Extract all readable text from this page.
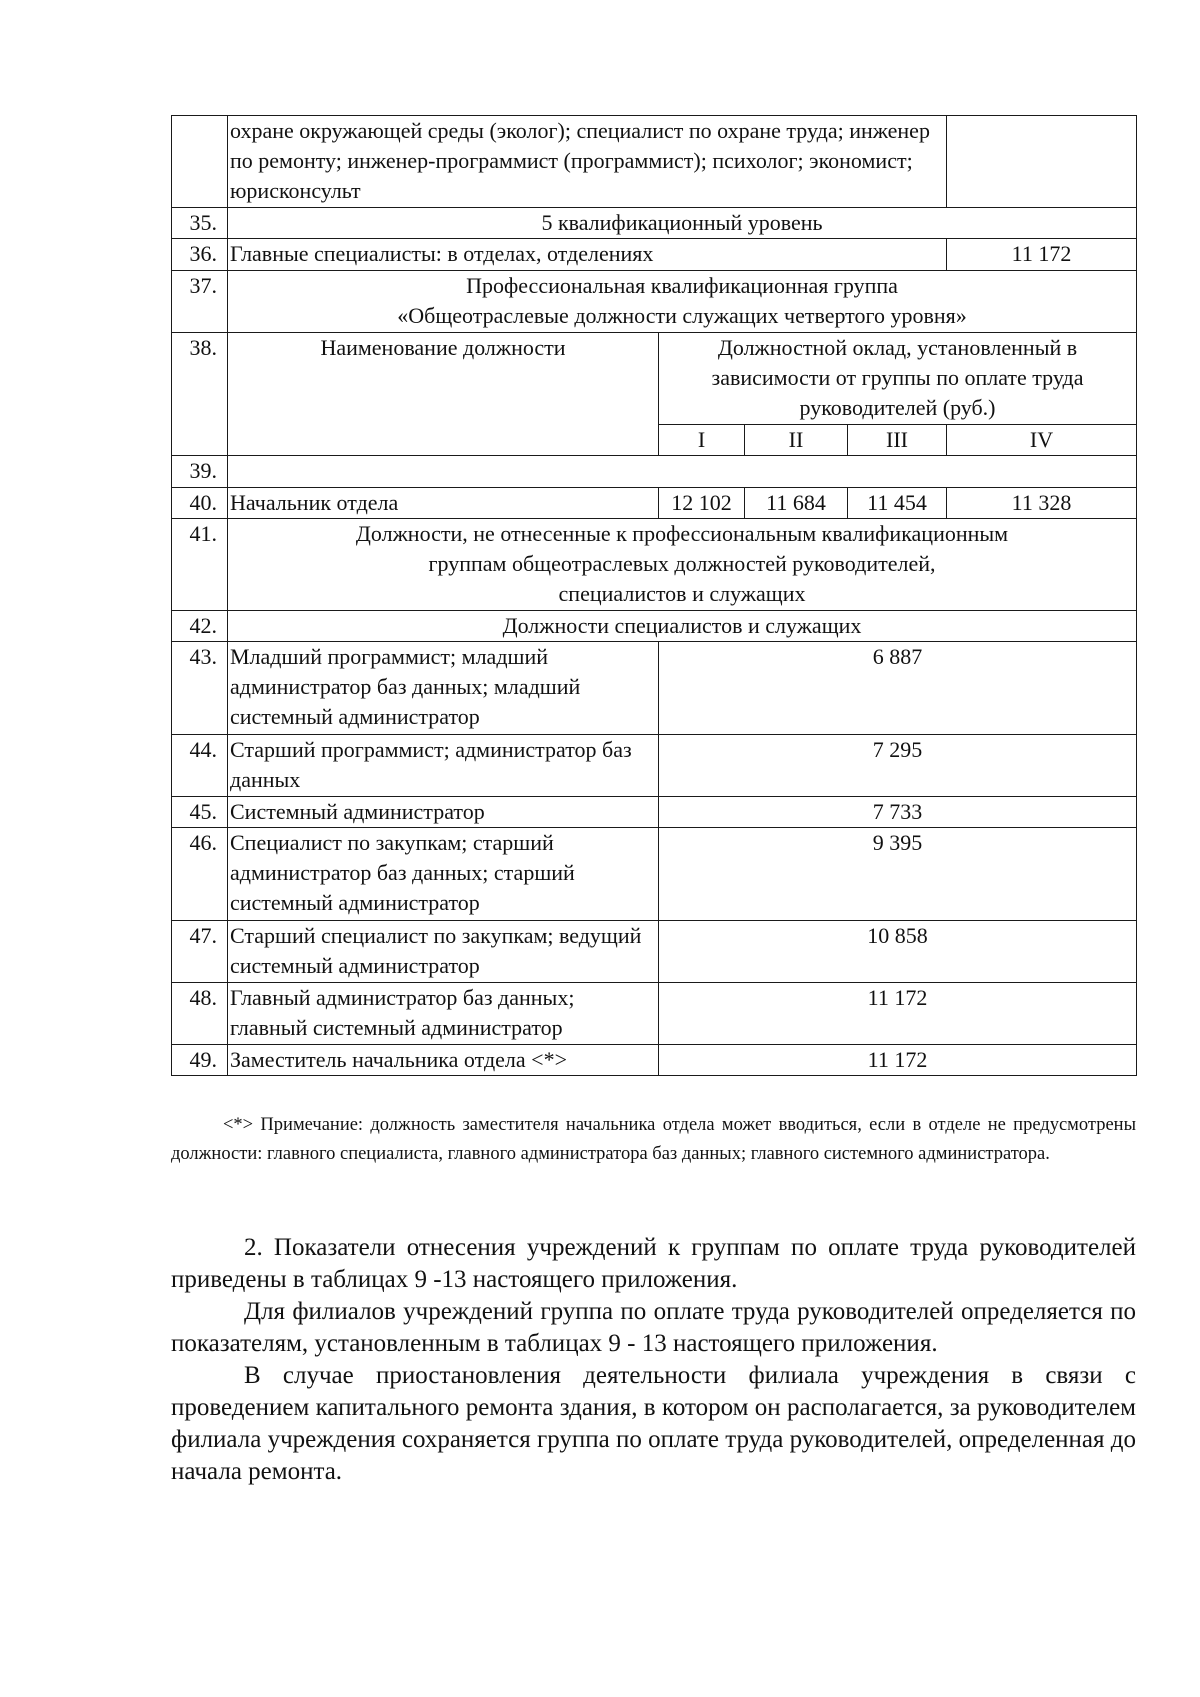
	охране окружающей среды (эколог); специалист по охране труда; инженер по ремонту; инженер-программист (программист); психолог; экономист; юрисконсульт				
35.	5 квалификационный уровень				
36.	Главные специалисты: в отделах, отделениях				11 172
37.	Профессиональная квалификационная группа
«Общеотраслевые должности служащих четвертого уровня»				

38.	Наименование должности	Должностной оклад, установленный в зависимости от группы по оплате труда руководителей (руб.)			
		I	II	III	IV
39.					
40.	Начальник отдела	12 102	11 684	11 454	11 328
41.	Должности, не отнесенные к профессиональным квалификационным
группам общеотраслевых должностей руководителей,
специалистов и служащих				

42.	Должности специалистов и служащих				
43.	Младший программист; младший администратор баз данных; младший системный администратор	6 887			
44.	Старший программист; администратор баз данных	7 295			
45.	Системный администратор	7 733			
46.	Специалист по закупкам; старший администратор баз данных; старший системный администратор	9 395			
47.	Старший специалист по закупкам; ведущий системный администратор	10 858			
48.	Главный администратор баз данных; главный системный администратор	11 172			
49.	Заместитель начальника отдела <*>	11 172			

<*> Примечание: должность заместителя начальника отдела может вводиться, если в отделе не предусмотрены должности: главного специалиста, главного администратора баз данных; главного системного администратора.

2. Показатели отнесения учреждений к группам по оплате труда руководителей приведены в таблицах 9 -13 настоящего приложения.

Для филиалов учреждений группа по оплате труда руководителей определяется по показателям, установленным в таблицах 9 - 13 настоящего приложения.

В случае приостановления деятельности филиала учреждения в связи с проведением капитального ремонта здания, в котором он располагается, за руководителем филиала учреждения сохраняется группа по оплате труда руководителей, определенная до начала ремонта.
